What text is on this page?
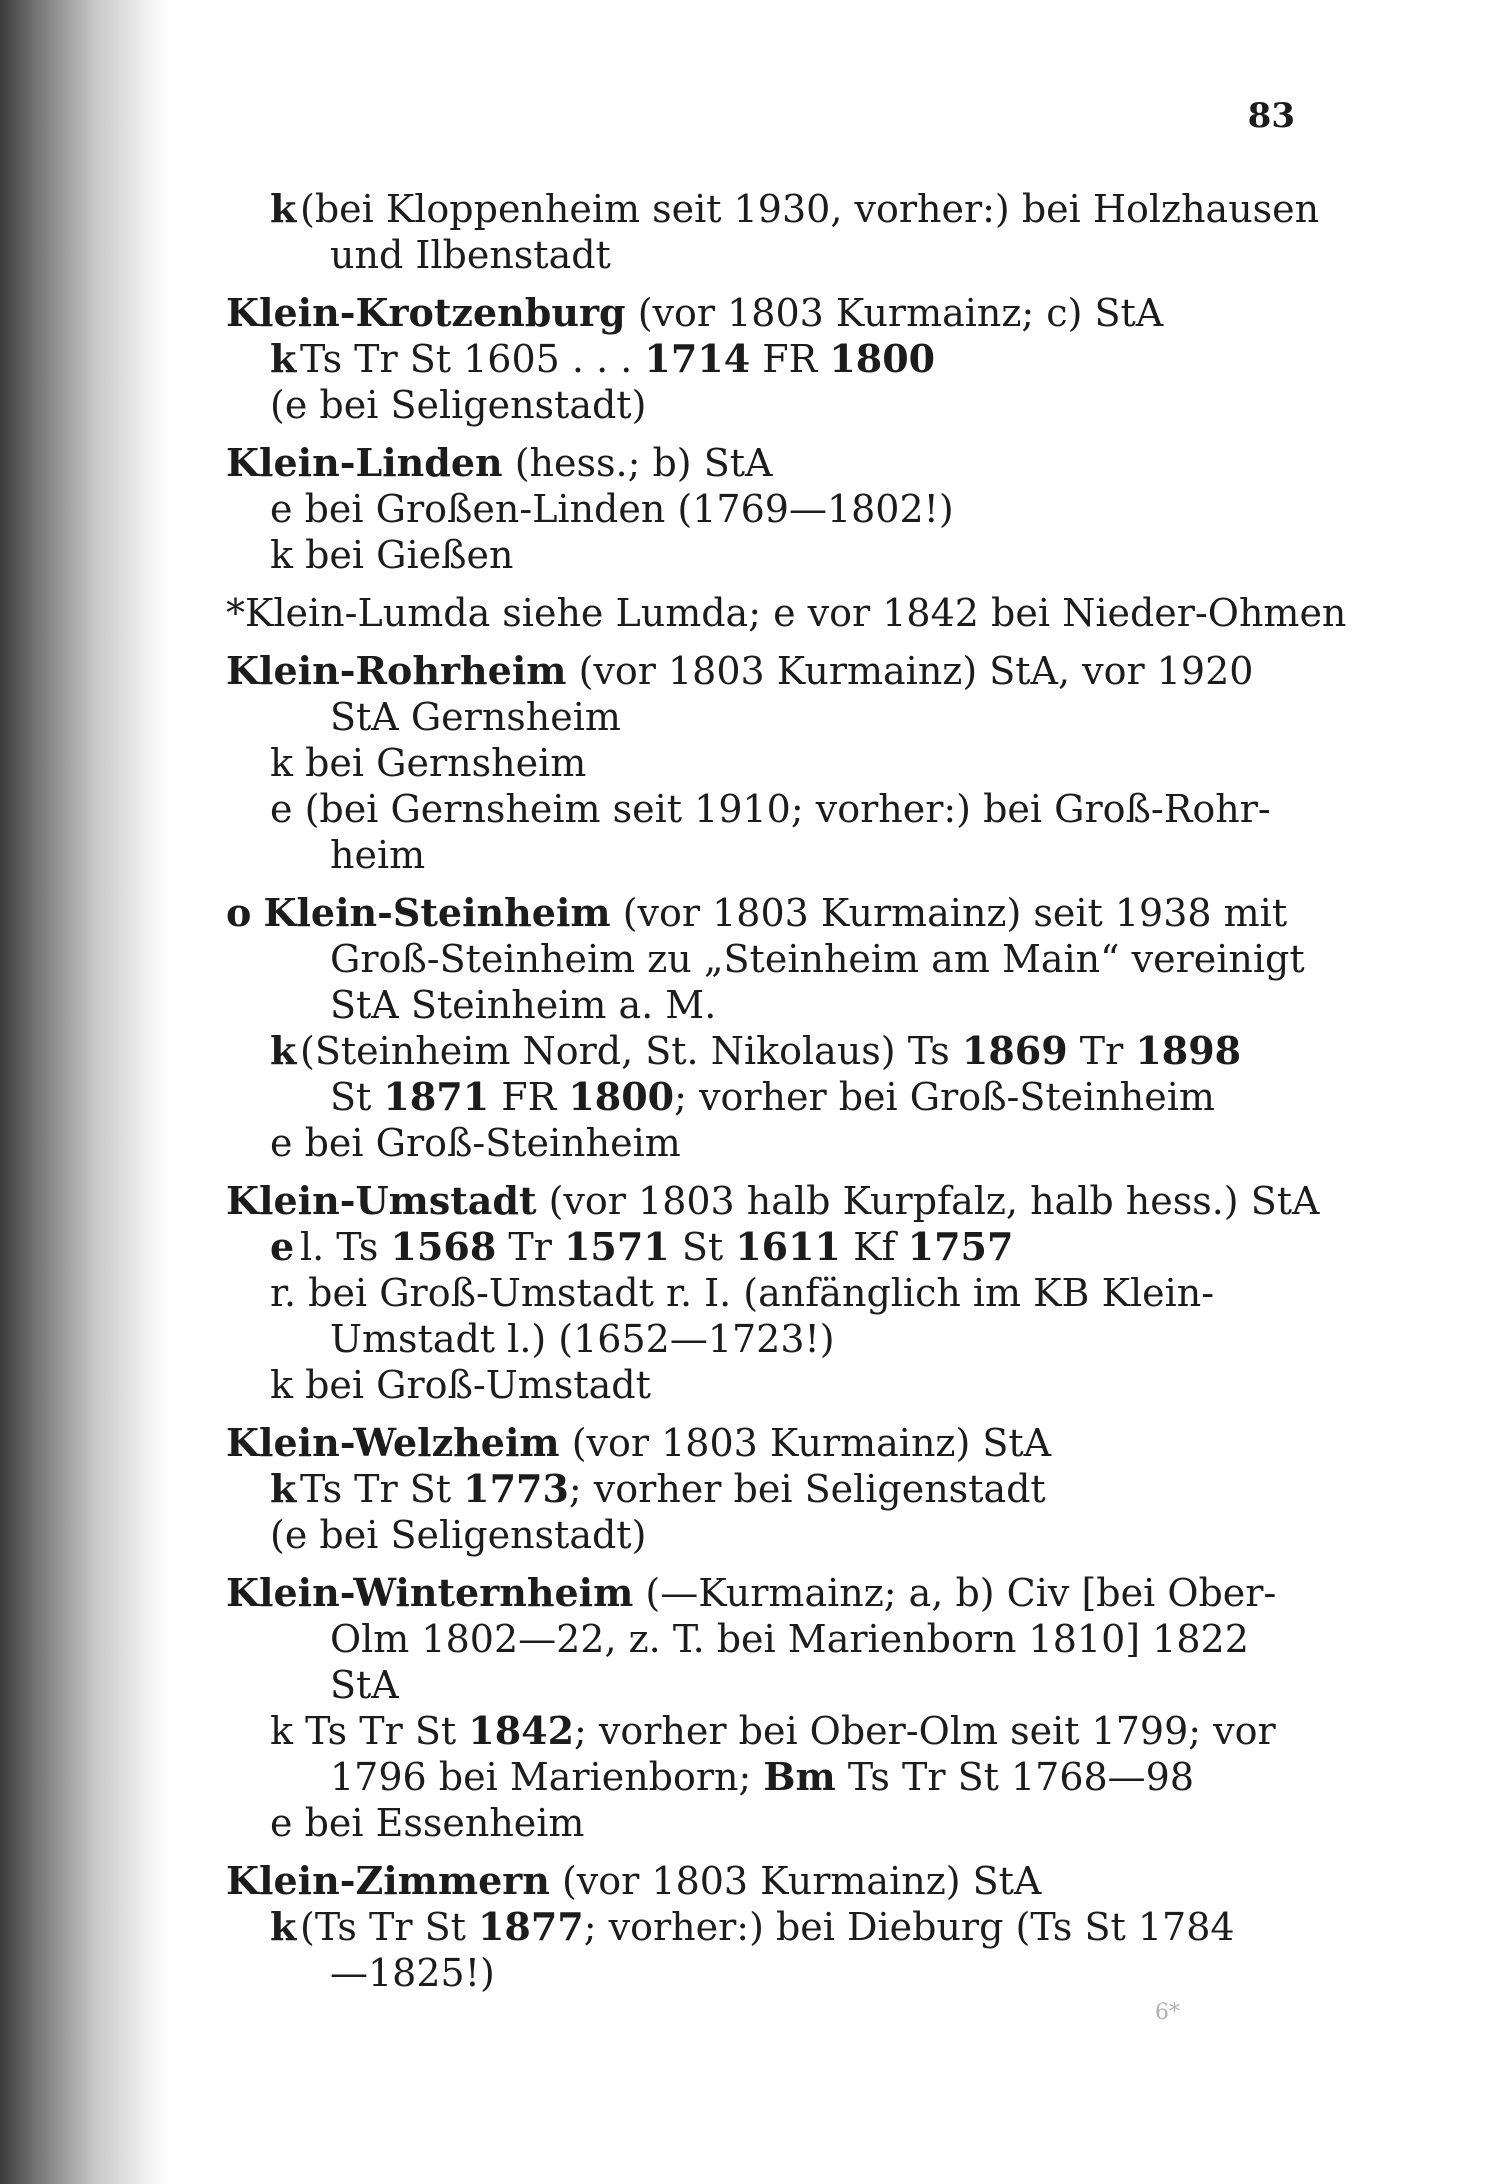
83
k(bei Kloppenheim seit 1930, vorher:) bei Holzhausen
und Ilbenstadt
Klein-Krotzenburg (vor 1803 Kurmainz; c) StA
kTs Tr St 1605 . . . 1714 FR 1800
(e bei Seligenstadt)
Klein-Linden (hess.; b) StA
e bei Großen-Linden (1769—1802!)
k bei Gießen
*Klein-Lumda siehe Lumda; e vor 1842 bei Nieder-Ohmen
Klein-Rohrheim (vor 1803 Kurmainz) StA, vor 1920
StA Gernsheim
k bei Gernsheim
e (bei Gernsheim seit 1910; vorher:) bei Groß-Rohr-
heim
o Klein-Steinheim (vor 1803 Kurmainz) seit 1938 mit
Groß-Steinheim zu „Steinheim am Main“ vereinigt
StA Steinheim a. M.
k(Steinheim Nord, St. Nikolaus) Ts 1869 Tr 1898
St 1871 FR 1800; vorher bei Groß-Steinheim
e bei Groß-Steinheim
Klein-Umstadt (vor 1803 halb Kurpfalz, halb hess.) StA
e l. Ts 1568 Tr 1571 St 1611 Kf 1757
r. bei Groß-Umstadt r. I. (anfänglich im KB Klein-
Umstadt l.) (1652—1723!)
k bei Groß-Umstadt
Klein-Welzheim (vor 1803 Kurmainz) StA
kTs Tr St 1773; vorher bei Seligenstadt
(e bei Seligenstadt)
Klein-Winternheim (—Kurmainz; a, b) Civ [bei Ober-
Olm 1802—22, z. T. bei Marienborn 1810] 1822
StA
k Ts Tr St 1842; vorher bei Ober-Olm seit 1799; vor
1796 bei Marienborn; Bm Ts Tr St 1768—98
e bei Essenheim
Klein-Zimmern (vor 1803 Kurmainz) StA
k(Ts Tr St 1877; vorher:) bei Dieburg (Ts St 1784
—1825!)
6*
